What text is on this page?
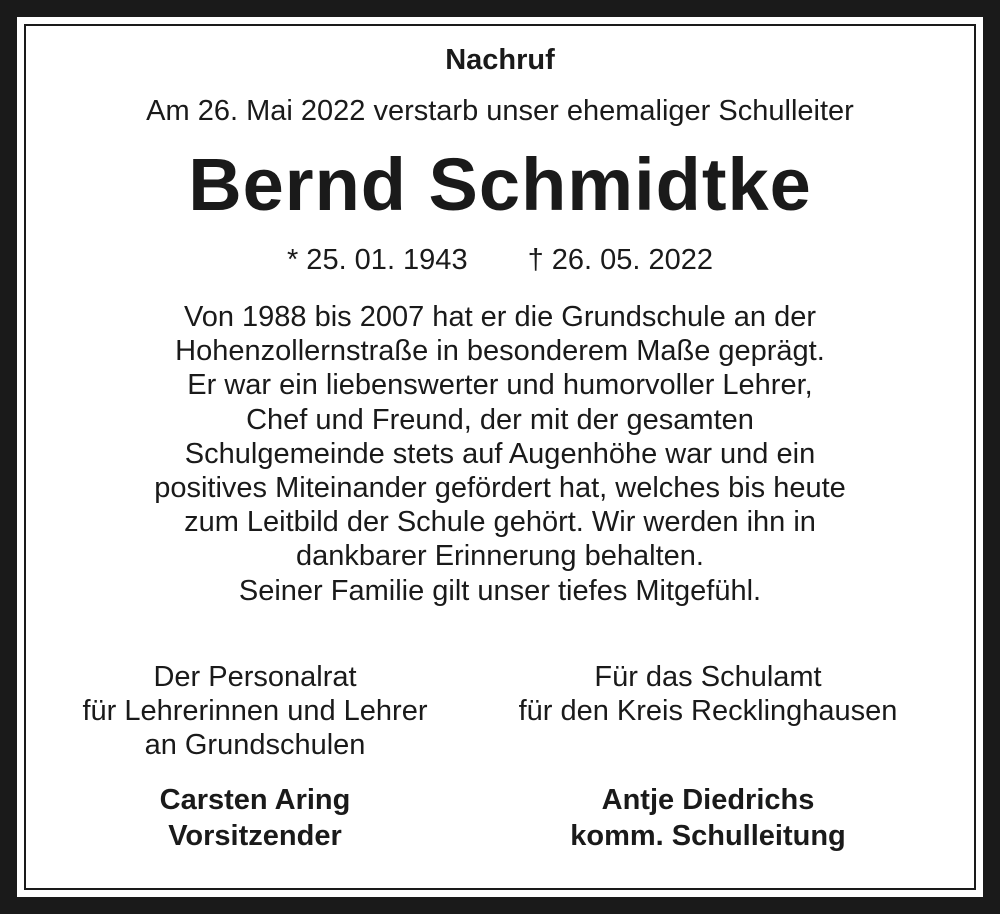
Nachruf
Am 26. Mai 2022 verstarb unser ehemaliger Schulleiter
Bernd Schmidtke
* 25. 01. 1943 † 26. 05. 2022
Von 1988 bis 2007 hat er die Grundschule an der
Hohenzollernstraße in besonderem Maße geprägt.
Er war ein liebenswerter und humorvoller Lehrer,
Chef und Freund, der mit der gesamten
Schulgemeinde stets auf Augenhöhe war und ein
positives Miteinander gefördert hat, welches bis heute
zum Leitbild der Schule gehört. Wir werden ihn in
dankbarer Erinnerung behalten.
Seiner Familie gilt unser tiefes Mitgefühl.
Der Personalrat
für Lehrerinnen und Lehrer
an Grundschulen
Für das Schulamt
für den Kreis Recklinghausen
Carsten Aring
Vorsitzender
Antje Diedrichs
komm. Schulleitung
